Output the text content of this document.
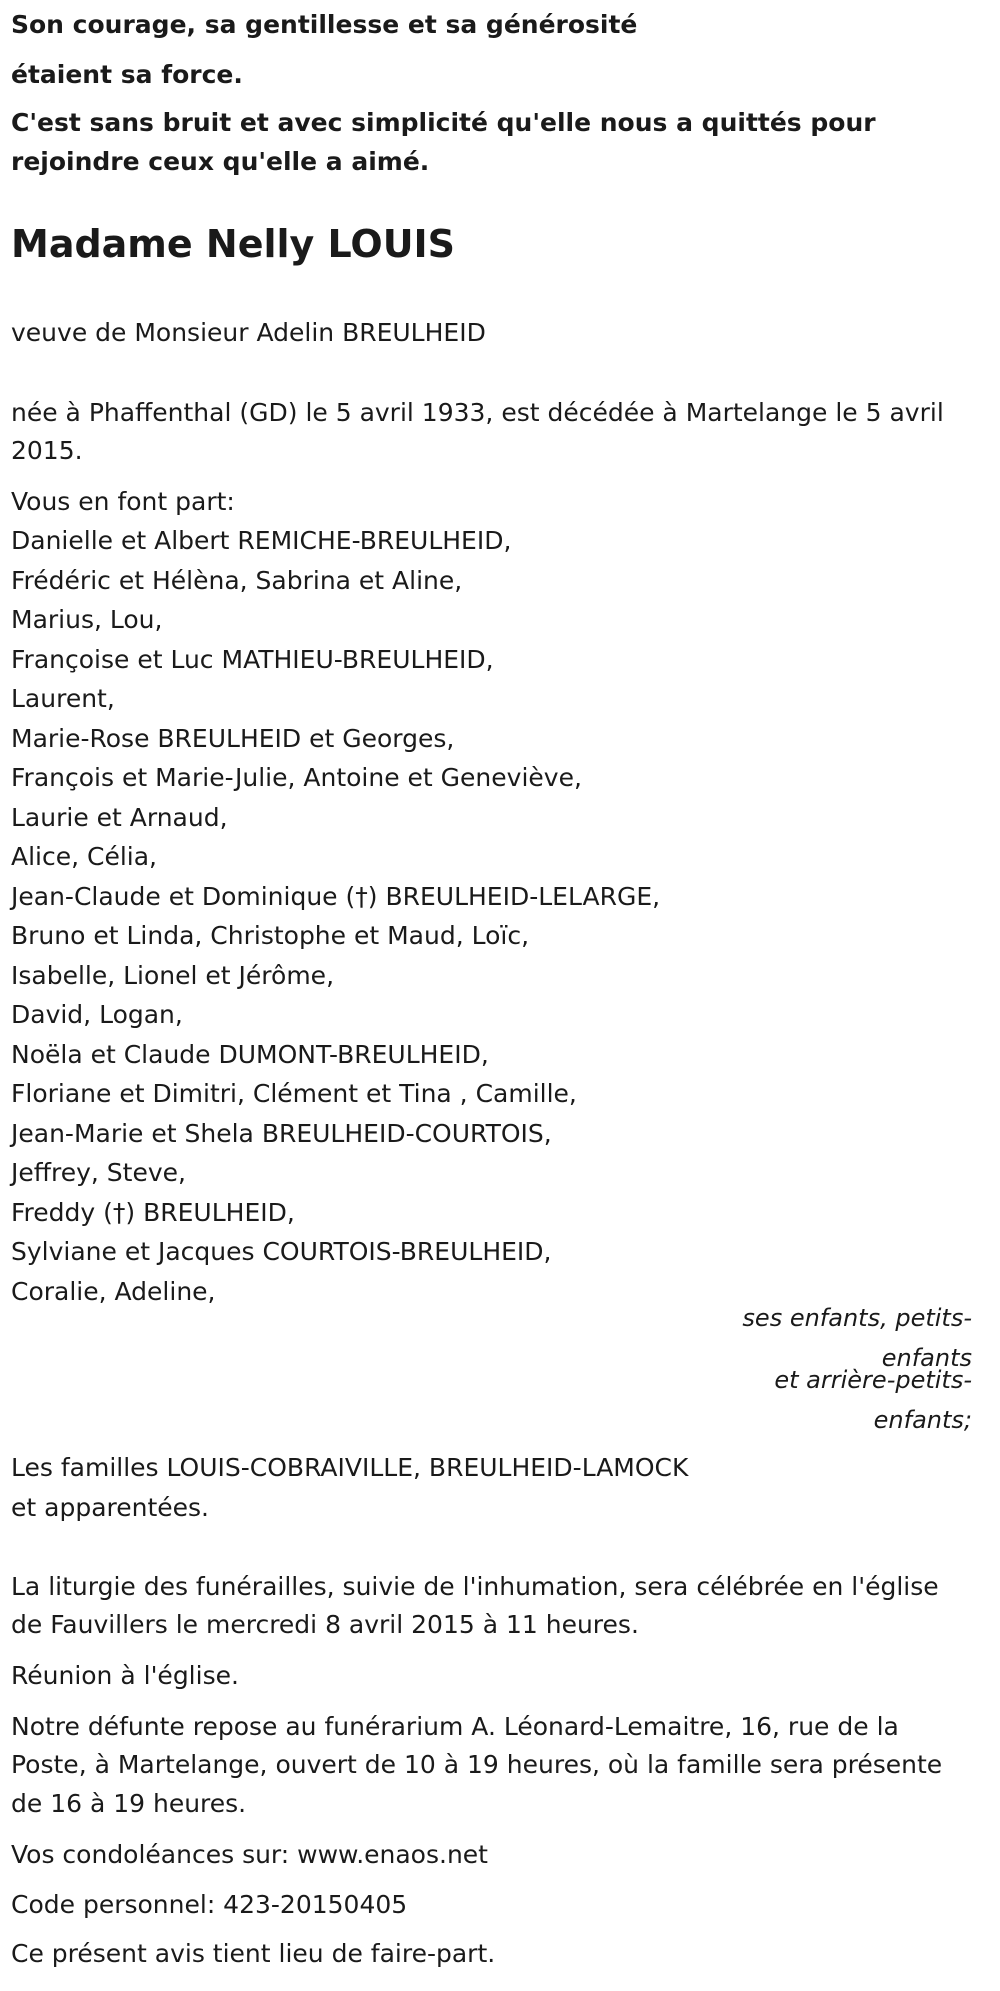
Son courage, sa gentillesse et sa générosité
étaient sa force.
C'est sans bruit et avec simplicité qu'elle nous a quittés pour
rejoindre ceux qu'elle a aimé.
Madame Nelly LOUIS
veuve de Monsieur Adelin BREULHEID
née à Phaffenthal (GD) le 5 avril 1933, est décédée à Martelange le 5 avril
2015.
Vous en font part:
Danielle et Albert REMICHE-BREULHEID,
Frédéric et Hélèna, Sabrina et Aline,
Marius, Lou,
Françoise et Luc MATHIEU-BREULHEID,
Laurent,
Marie-Rose BREULHEID et Georges,
François et Marie-Julie, Antoine et Geneviève,
Laurie et Arnaud,
Alice, Célia,
Jean-Claude et Dominique (†) BREULHEID-LELARGE,
Bruno et Linda, Christophe et Maud, Loïc,
Isabelle, Lionel et Jérôme,
David, Logan,
Noëla et Claude DUMONT-BREULHEID,
Floriane et Dimitri, Clément et Tina , Camille,
Jean-Marie et Shela BREULHEID-COURTOIS,
Jeffrey, Steve,
Freddy (†) BREULHEID,
Sylviane et Jacques COURTOIS-BREULHEID,
Coralie, Adeline,
ses enfants, petits-
enfants
et arrière-petits-
enfants;
Les familles LOUIS-COBRAIVILLE, BREULHEID-LAMOCK
et apparentées.
La liturgie des funérailles, suivie de l'inhumation, sera célébrée en l'église
de Fauvillers le mercredi 8 avril 2015 à 11 heures.
Réunion à l'église.
Notre défunte repose au funérarium A. Léonard-Lemaitre, 16, rue de la
Poste, à Martelange, ouvert de 10 à 19 heures, où la famille sera présente
de 16 à 19 heures.
Vos condoléances sur: www.enaos.net
Code personnel: 423-20150405
Ce présent avis tient lieu de faire-part.
